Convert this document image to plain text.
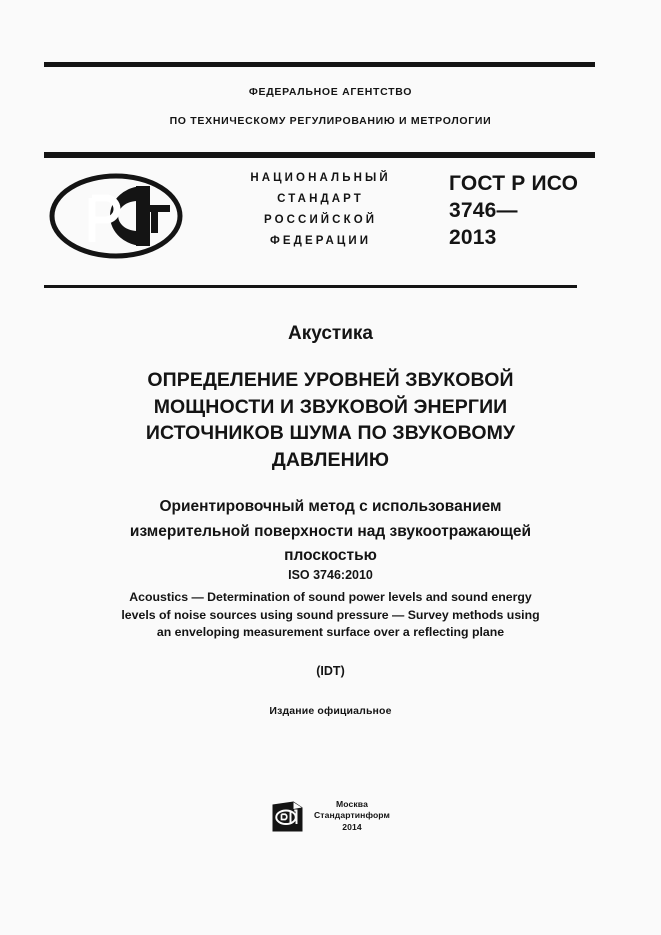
ФЕДЕРАЛЬНОЕ АГЕНТСТВО
ПО ТЕХНИЧЕСКОМУ РЕГУЛИРОВАНИЮ И МЕТРОЛОГИИ
НАЦИОНАЛЬНЫЙ
СТАНДАРТ
РОССИЙСКОЙ
ФЕДЕРАЦИИ
ГОСТ Р ИСО
3746—
2013
Акустика
ОПРЕДЕЛЕНИЕ УРОВНЕЙ ЗВУКОВОЙ
МОЩНОСТИ И ЗВУКОВОЙ ЭНЕРГИИ
ИСТОЧНИКОВ ШУМА ПО ЗВУКОВОМУ
ДАВЛЕНИЮ
Ориентировочный метод с использованием
измерительной поверхности над звукоотражающей
плоскостью
ISO 3746:2010
Acoustics — Determination of sound power levels and sound energy
levels of noise sources using sound pressure — Survey methods using
an enveloping measurement surface over a reflecting plane
(IDT)
Издание официальное
Москва
Стандартинформ
2014
